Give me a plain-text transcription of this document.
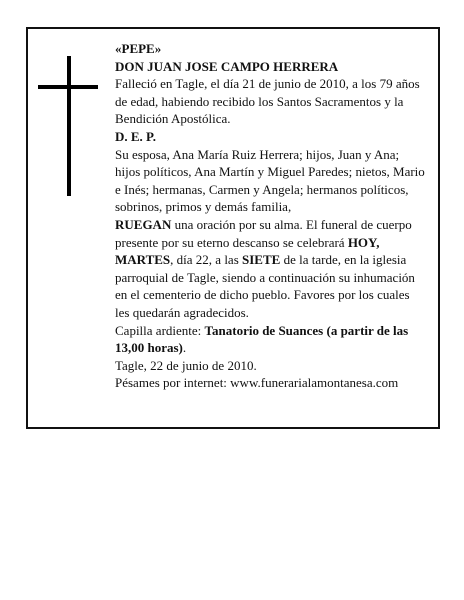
«PEPE»

DON JUAN JOSE CAMPO HERRERA

Falleció en Tagle, el día 21 de junio de 2010, a los 79 años de edad, habiendo recibido los Santos Sacramentos y la Bendición Apostólica.

D. E. P.

Su esposa, Ana María Ruiz Herrera; hijos, Juan y Ana; hijos políticos, Ana Martín y Miguel Paredes; nietos, Mario e Inés; hermanas, Carmen y Angela; hermanos políticos, sobrinos, primos y demás familia,

RUEGAN una oración por su alma. El funeral de cuerpo presente por su eterno descanso se celebrará HOY, MARTES, día 22, a las SIETE de la tarde, en la iglesia parroquial de Tagle, siendo a continuación su inhumación en el cementerio de dicho pueblo. Favores por los cuales les quedarán agradecidos.

Capilla ardiente: Tanatorio de Suances (a partir de las 13,00 horas).

Tagle, 22 de junio de 2010.

Pésames por internet: www.funerarialamontanesa.com
